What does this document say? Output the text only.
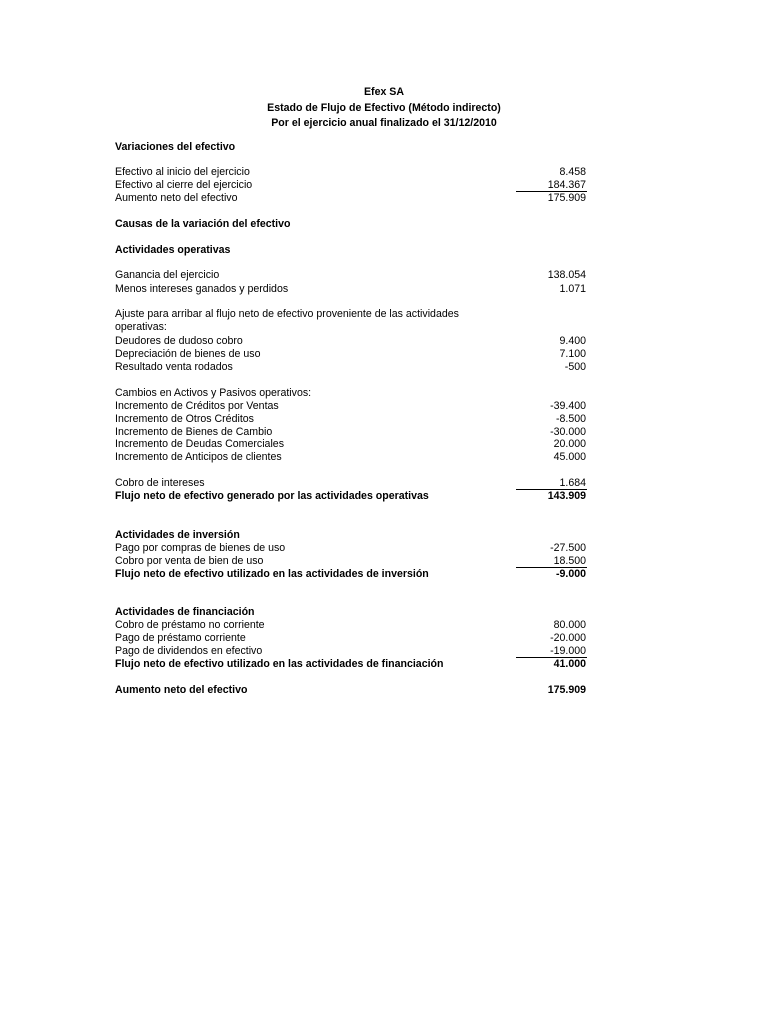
Efex SA
Estado de Flujo de Efectivo (Método indirecto)
Por el ejercicio anual finalizado el 31/12/2010
Variaciones del efectivo
Efectivo al inicio del ejercicio	8.458
Efectivo al cierre del ejercicio	184.367
Aumento neto del efectivo	175.909
Causas de la variación del efectivo
Actividades operativas
Ganancia del ejercicio	138.054
Menos intereses ganados y perdidos	1.071
Ajuste para arribar al flujo neto de efectivo proveniente de las actividades operativas:
Deudores de dudoso cobro	9.400
Depreciación de bienes de uso	7.100
Resultado venta rodados	-500
Cambios en Activos y Pasivos operativos:
Incremento de Créditos por Ventas	-39.400
Incremento de Otros Créditos	-8.500
Incremento de Bienes de Cambio	-30.000
Incremento de Deudas Comerciales	20.000
Incremento de Anticipos de clientes	45.000
Cobro de intereses	1.684
Flujo neto de efectivo generado por las actividades operativas	143.909
Actividades de inversión
Pago por compras de bienes de uso	-27.500
Cobro por venta de bien de uso	18.500
Flujo neto de efectivo utilizado en las actividades de inversión	-9.000
Actividades de financiación
Cobro de préstamo no corriente	80.000
Pago de préstamo corriente	-20.000
Pago de dividendos en efectivo	-19.000
Flujo neto de efectivo utilizado en las actividades de financiación	41.000
Aumento neto del efectivo	175.909
